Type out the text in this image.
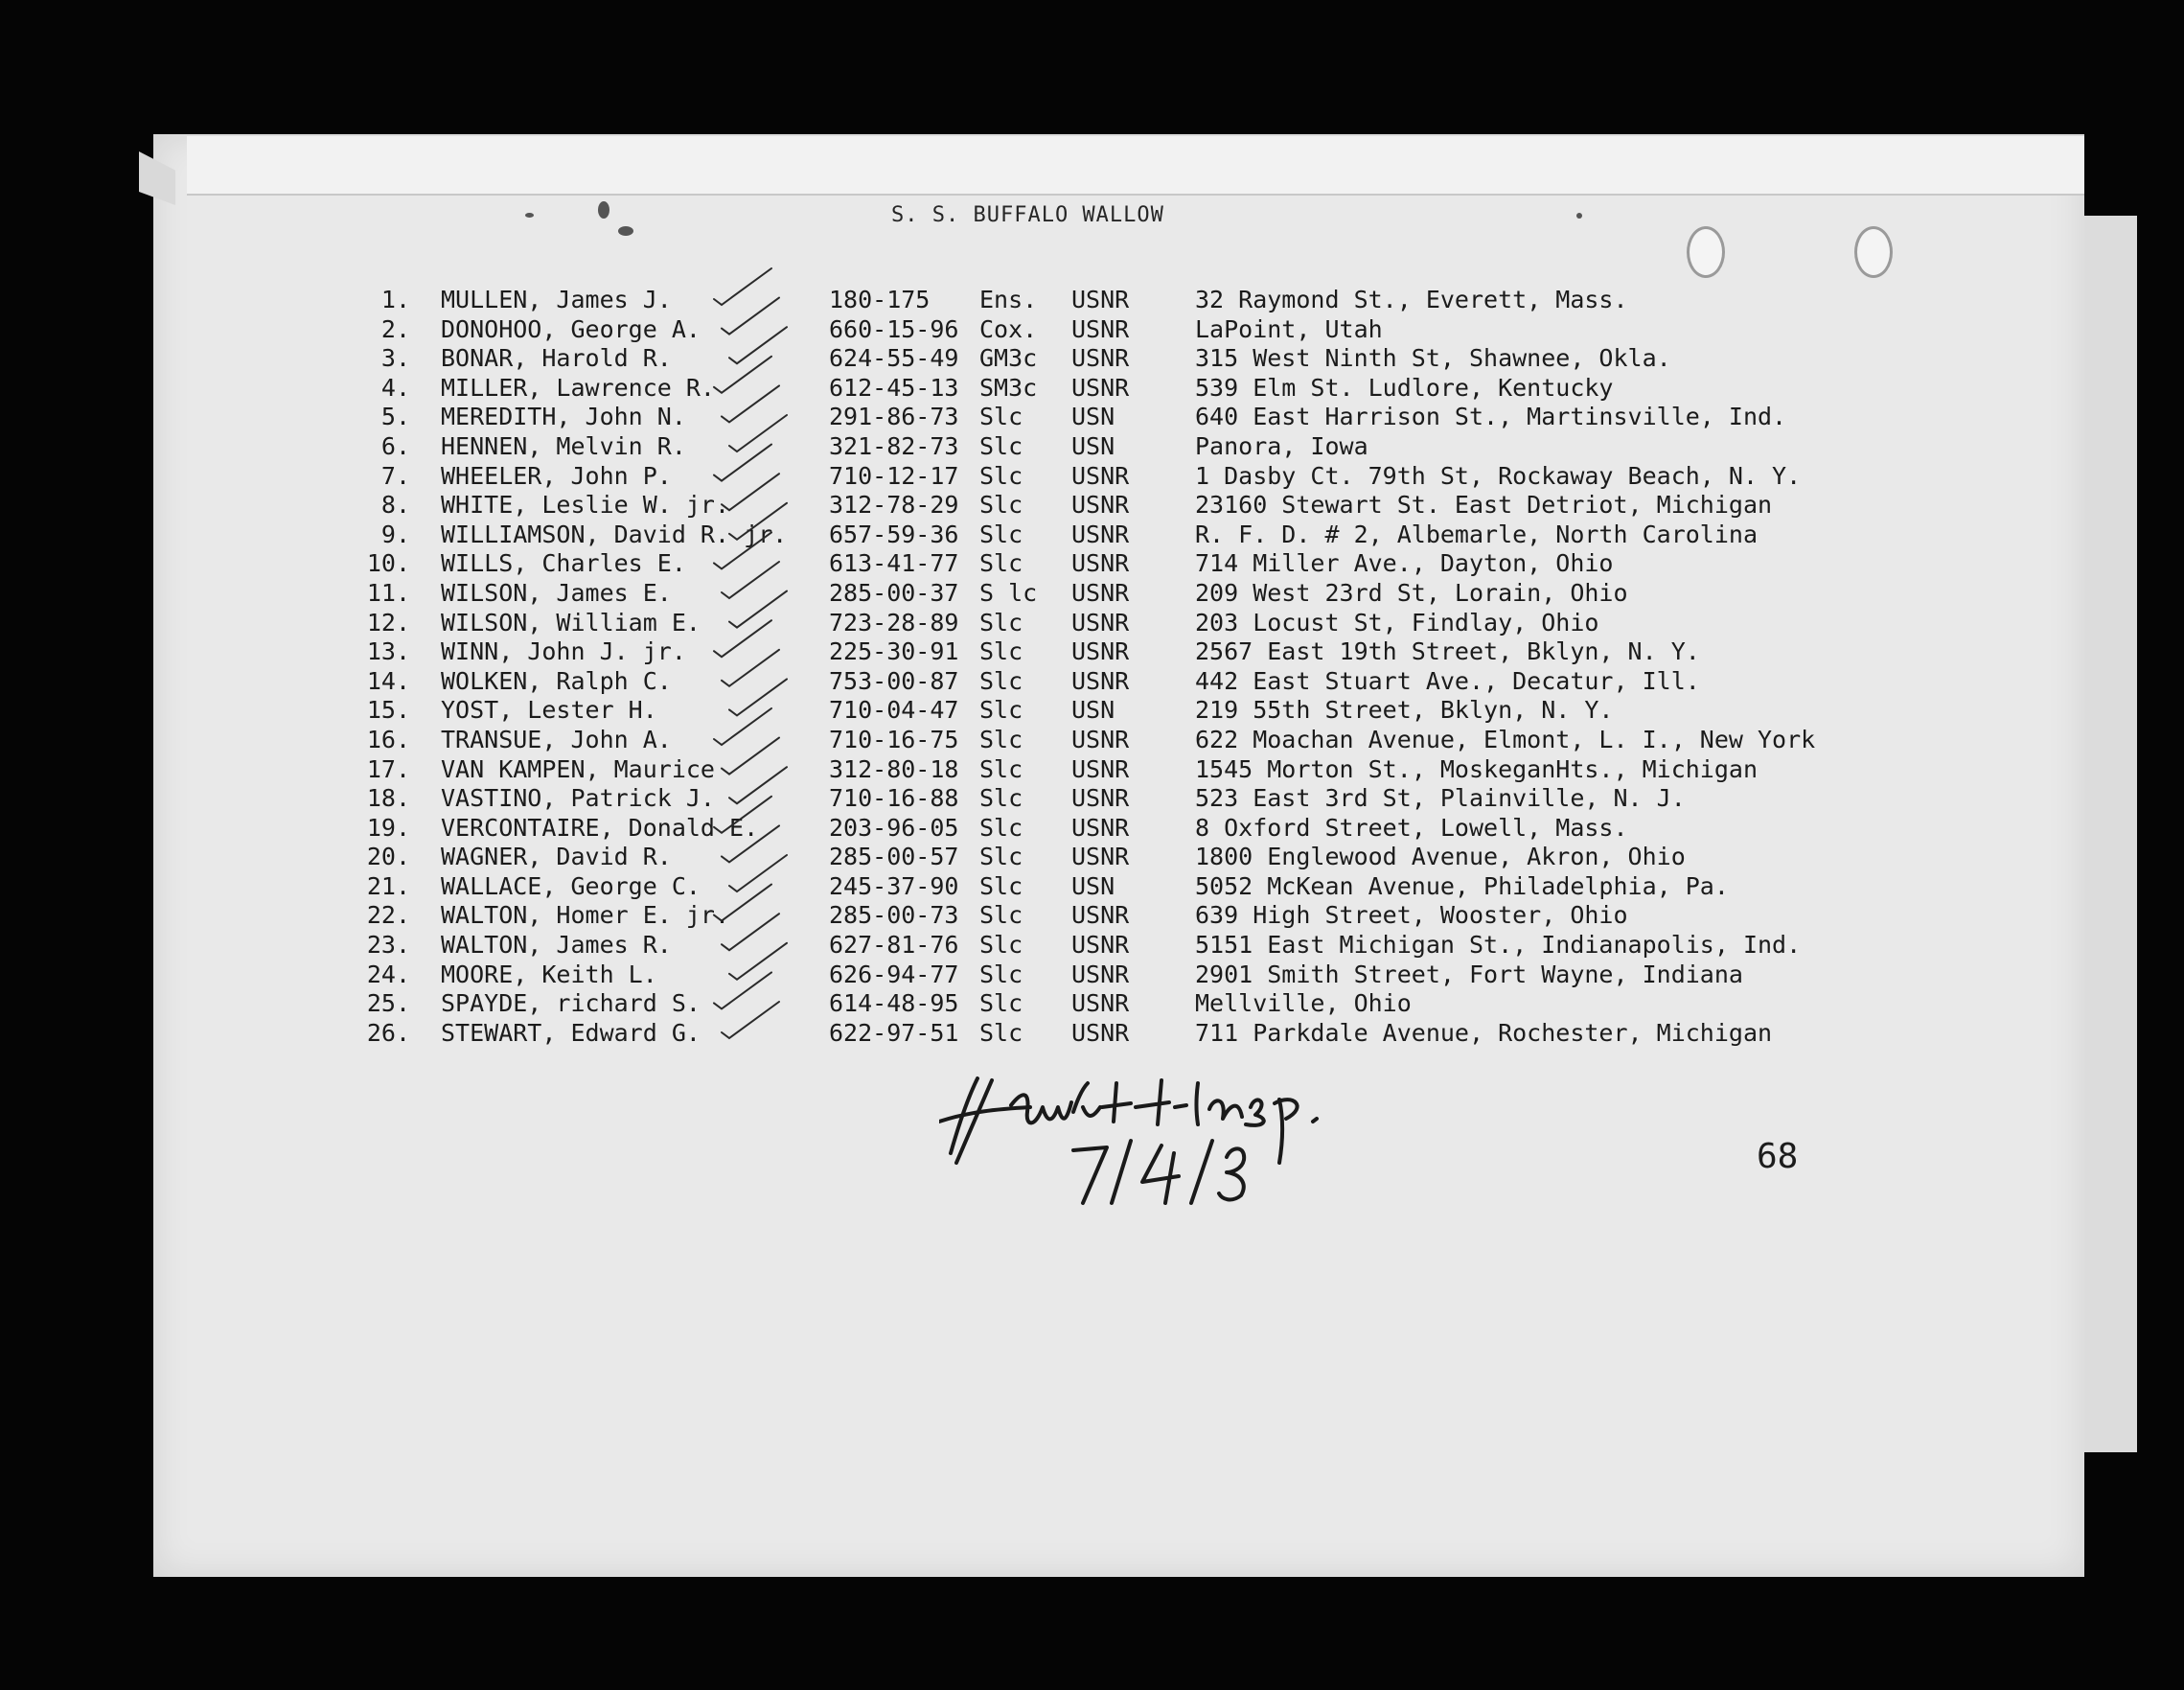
S. S. BUFFALO WALLOW
1. MULLEN, James J.	180-175 Ens. USNR	32 Raymond St., Everett, Mass.
2. DONOHOO, George A.	660-15-96 Cox. USNR	LaPoint, Utah
3. BONAR, Harold R.	624-55-49 GM3c USNR	315 West Ninth St, Shawnee, Okla.
4. MILLER, Lawrence R.	612-45-13 SM3c USNR	539 Elm St. Ludlore, Kentucky
5. MEREDITH, John N.	291-86-73 Slc USN	640 East Harrison St., Martinsville, Ind.
6. HENNEN, Melvin R.	321-82-73 Slc USN	Panora, Iowa
7. WHEELER, John P.	710-12-17 Slc USNR	1 Dasby Ct. 79th St, Rockaway Beach, N. Y.
8. WHITE, Leslie W. jr.	312-78-29 Slc USNR	23160 Stewart St. East Detriot, Michigan
9. WILLIAMSON, David R. jr. 657-59-36 Slc USNR	R. F. D. # 2, Albemarle, North Carolina
10. WILLS, Charles E.	613-41-77 Slc USNR	714 Miller Ave., Dayton, Ohio
11. WILSON, James E.	285-00-37 S lc USNR	209 West 23rd St, Lorain, Ohio
12. WILSON, William E.	723-28-89 Slc USNR	203 Locust St, Findlay, Ohio
13. WINN, John J. jr.	225-30-91 Slc USNR	2567 East 19th Street, Bklyn, N. Y.
14. WOLKEN, Ralph C.	753-00-87 Slc USNR	442 East Stuart Ave., Decatur, Ill.
15. YOST, Lester H.	710-04-47 Slc USN	219 55th Street, Bklyn, N. Y.
16. TRANSUE, John A.	710-16-75 Slc USNR	622 Moachan Avenue, Elmont, L. I., New York
17. VAN KAMPEN, Maurice	312-80-18 Slc USNR	1545 Morton St., MoskeganHts., Michigan
18. VASTINO, Patrick J.	710-16-88 Slc USNR	523 East 3rd St, Plainville, N. J.
19. VERCONTAIRE, Donald E.	203-96-05 Slc USNR	8 Oxford Street, Lowell, Mass.
20. WAGNER, David R.	285-00-57 Slc USNR	1800 Englewood Avenue, Akron, Ohio
21. WALLACE, George C.	245-37-90 Slc USN	5052 McKean Avenue, Philadelphia, Pa.
22. WALTON, Homer E. jr.	285-00-73 Slc USNR	639 High Street, Wooster, Ohio
23. WALTON, James R.	627-81-76 Slc USNR	5151 East Michigan St., Indianapolis, Ind.
24. MOORE, Keith L.	626-94-77 Slc USNR	2901 Smith Street, Fort Wayne, Indiana
25. SPAYDE, richard S.	614-48-95 Slc USNR	Mellville, Ohio
26. STEWART, Edward G.	622-97-51 Slc USNR	711 Parkdale Avenue, Rochester, Michigan
68
